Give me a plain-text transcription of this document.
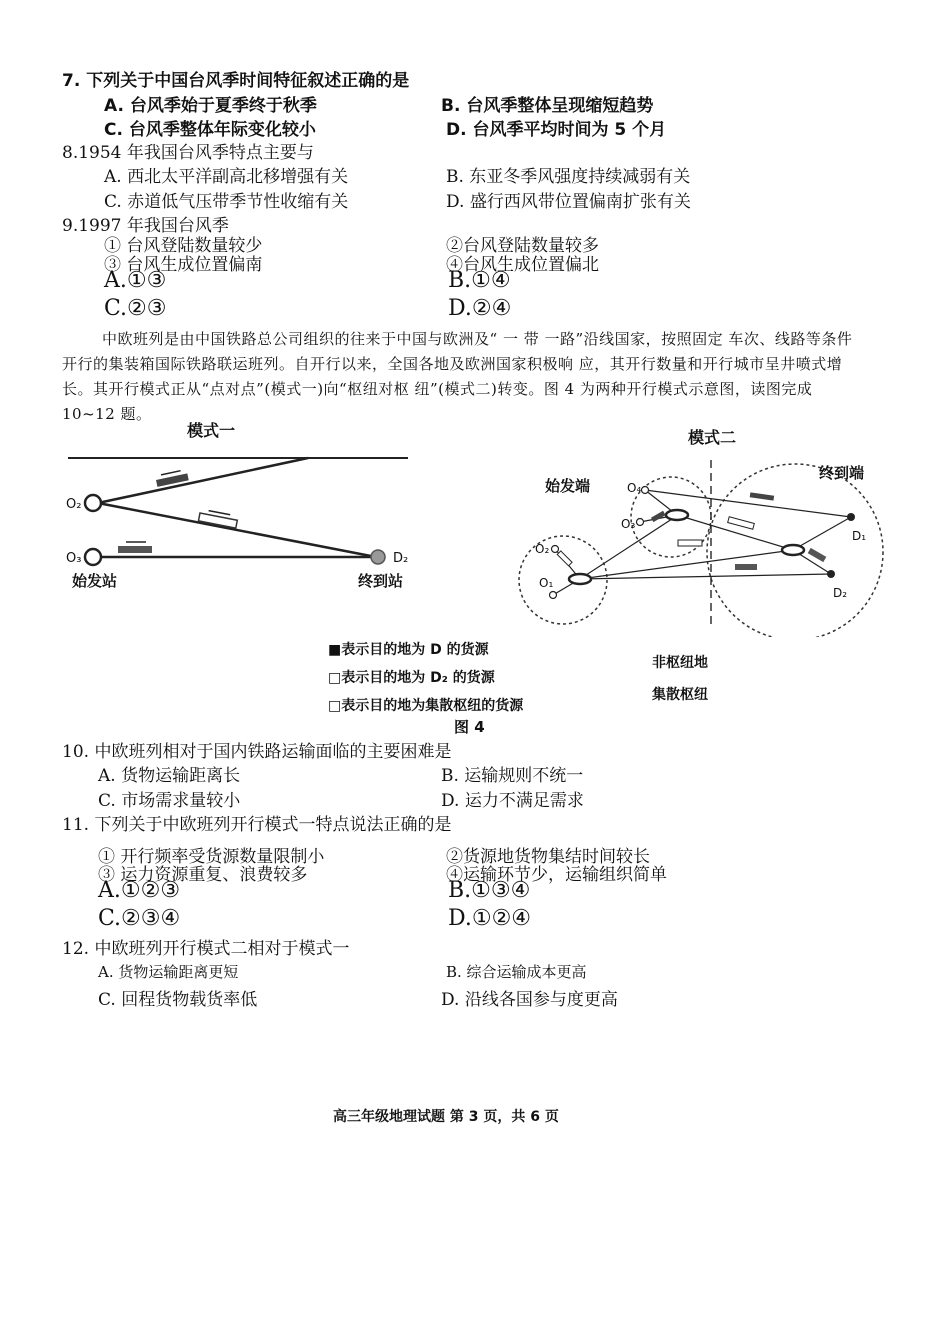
7. 下列关于中国台风季时间特征叙述正确的是
A. 台风季始于夏季终于秋季	B. 台风季整体呈现缩短趋势
C. 台风季整体年际变化较小	D. 台风季平均时间为 5 个月
8.1954 年我国台风季特点主要与
A. 西北太平洋副高北移增强有关	B. 东亚冬季风强度持续减弱有关
C. 赤道低气压带季节性收缩有关	D. 盛行西风带位置偏南扩张有关
9.1997 年我国台风季
① 台风登陆数量较少	②台风登陆数量较多
③ 台风生成位置偏南	④台风生成位置偏北
A.①③	B.①④
C.②③	D.②④
中欧班列是由中国铁路总公司组织的往来于中国与欧洲及“ 一 带 一路”沿线国家，按照固定 车次、线路等条件开行的集装箱国际铁路联运班列。自开行以来，全国各地及欧洲国家积极响 应，其开行数量和开行城市呈井喷式增长。其开行模式正从“点对点”(模式一)向“枢纽对枢 纽”(模式二)转变。图 4 为两种开行模式示意图，读图完成 10~12 题。
模式一	模式二
O₂
O₃	D₂
始发站	终到站
始发端
终到端
O₄
O₃
O₂
O₁
D₁
D₂
■表示目的地为 D 的货源
□表示目的地为 D₂ 的货源
□表示目的地为集散枢纽的货源
非枢纽地
集散枢纽
图 4
10. 中欧班列相对于国内铁路运输面临的主要困难是
A. 货物运输距离长	B. 运输规则不统一
C. 市场需求量较小	D. 运力不满足需求
11. 下列关于中欧班列开行模式一特点说法正确的是
① 开行频率受货源数量限制小	②货源地货物集结时间较长
③ 运力资源重复、浪费较多	④运输环节少，运输组织简单
A.①②③	B.①③④
C.②③④	D.①②④
12. 中欧班列开行模式二相对于模式一
A. 货物运输距离更短	B. 综合运输成本更高
C. 回程货物载货率低	D. 沿线各国参与度更高
高三年级地理试题 第 3 页，共 6 页
